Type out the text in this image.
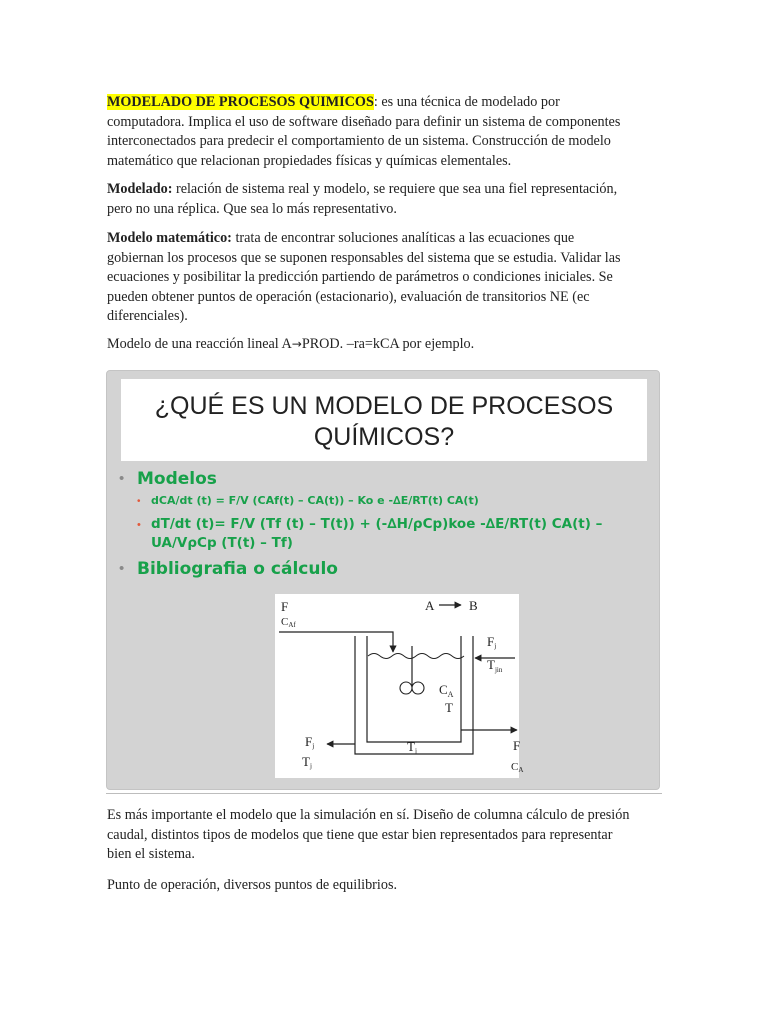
MODELADO DE PROCESOS QUIMICOS: es una técnica de modelado por
computadora. Implica el uso de software diseñado para definir un sistema de componentes
interconectados para predecir el comportamiento de un sistema. Construcción de modelo
matemático que relacionan propiedades físicas y químicas elementales.

Modelado: relación de sistema real y modelo, se requiere que sea una fiel representación,
pero no una réplica. Que sea lo más representativo.

Modelo matemático: trata de encontrar soluciones analíticas a las ecuaciones que
gobiernan los procesos que se suponen responsables del sistema que se estudia. Validar las
ecuaciones y posibilitar la predicción partiendo de parámetros o condiciones iniciales. Se
pueden obtener puntos de operación (estacionario), evaluación de transitorios NE (ec
diferenciales).

Modelo de una reacción lineal A→PROD. –ra=kCA por ejemplo.

¿QUÉ ES UN MODELO DE PROCESOS
QUÍMICOS?
• Modelos
• dCA/dt (t) = F/V (CAf(t) – CA(t)) – Ko e -∆E/RT(t) CA(t)
• dT/dt (t)= F/V (Tf (t) – T(t)) + (-∆H/ρCp)koe -∆E/RT(t) CA(t) –
UA/VρCp (T(t) – Tf)
• Bibliografia o cálculo
F
CAf
A	B
$C_A$
T
Fj
$T_{jin}$
Tj	F
CA
Fj
Tj

Es más importante el modelo que la simulación en sí. Diseño de columna cálculo de presión
caudal, distintos tipos de modelos que tiene que estar bien representados para representar
bien el sistema.

Punto de operación, diversos puntos de equilibrios.
